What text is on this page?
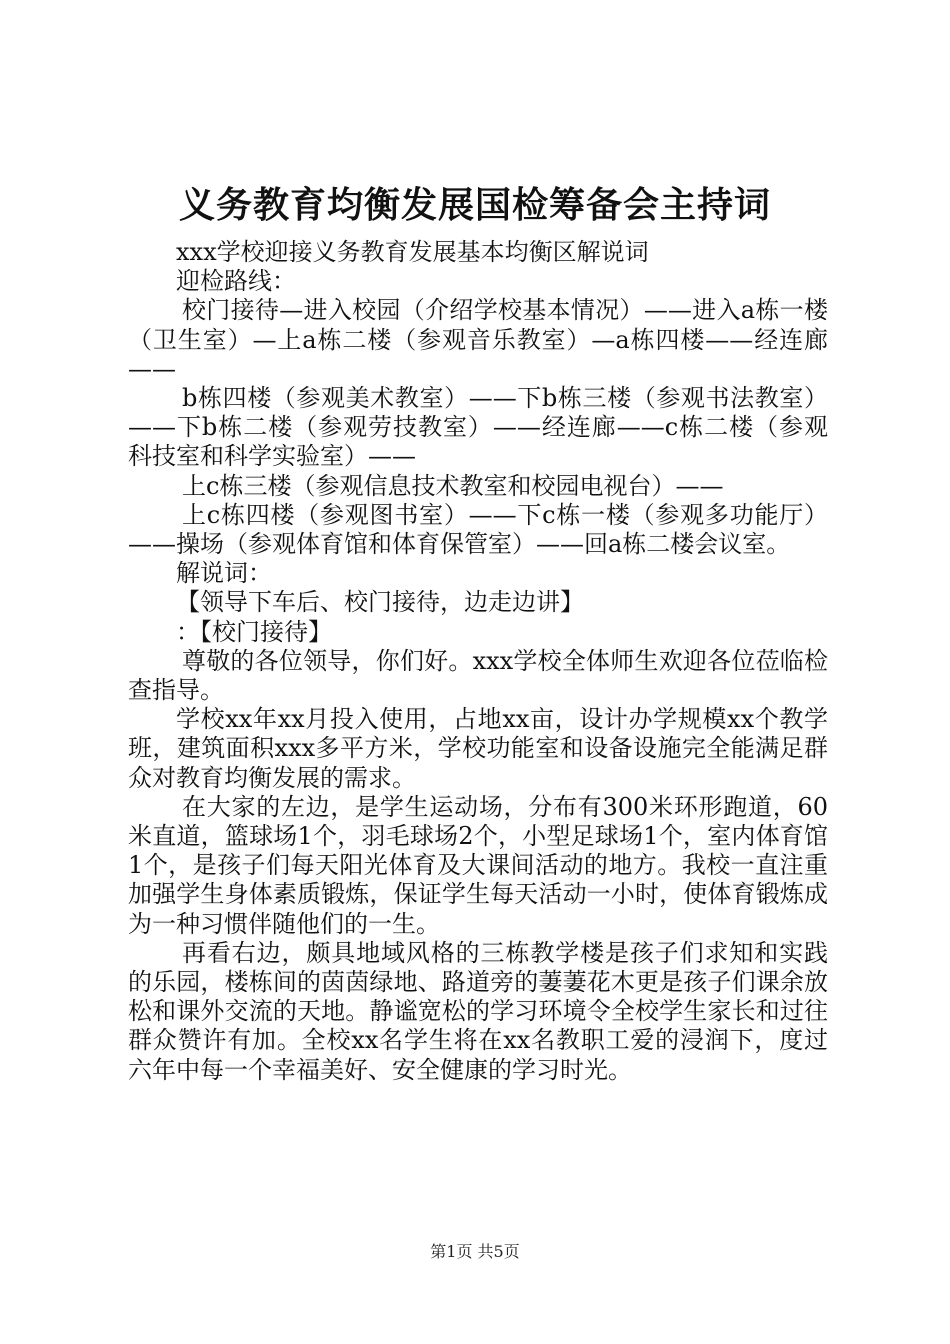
义务教育均衡发展国检筹备会主持词

xxx学校迎接义务教育发展基本均衡区解说词

迎检路线：

校门接待—进入校园（介绍学校基本情况）——进入a栋一楼（卫生室）—上a栋二楼（参观音乐教室）—a栋四楼——经连廊——

b栋四楼（参观美术教室）——下b栋三楼（参观书法教室）——下b栋二楼（参观劳技教室）——经连廊——c栋二楼（参观科技室和科学实验室）——

上c栋三楼（参观信息技术教室和校园电视台）——

上c栋四楼（参观图书室）——下c栋一楼（参观多功能厅）——操场（参观体育馆和体育保管室）——回a栋二楼会议室。

解说词：

【领导下车后、校门接待，边走边讲】

：【校门接待】

尊敬的各位领导，你们好。xxx学校全体师生欢迎各位莅临检查指导。

学校xx年xx月投入使用，占地xx亩，设计办学规模xx个教学班，建筑面积xxx多平方米，学校功能室和设备设施完全能满足群众对教育均衡发展的需求。

在大家的左边，是学生运动场，分布有300米环形跑道，60米直道，篮球场1个，羽毛球场2个，小型足球场1个，室内体育馆1个，是孩子们每天阳光体育及大课间活动的地方。我校一直注重加强学生身体素质锻炼，保证学生每天活动一小时，使体育锻炼成为一种习惯伴随他们的一生。

再看右边，颇具地域风格的三栋教学楼是孩子们求知和实践的乐园，楼栋间的茵茵绿地、路道旁的萋萋花木更是孩子们课余放松和课外交流的天地。静谧宽松的学习环境令全校学生家长和过往群众赞许有加。全校xx名学生将在xx名教职工爱的浸润下，度过六年中每一个幸福美好、安全健康的学习时光。

第1页 共5页
